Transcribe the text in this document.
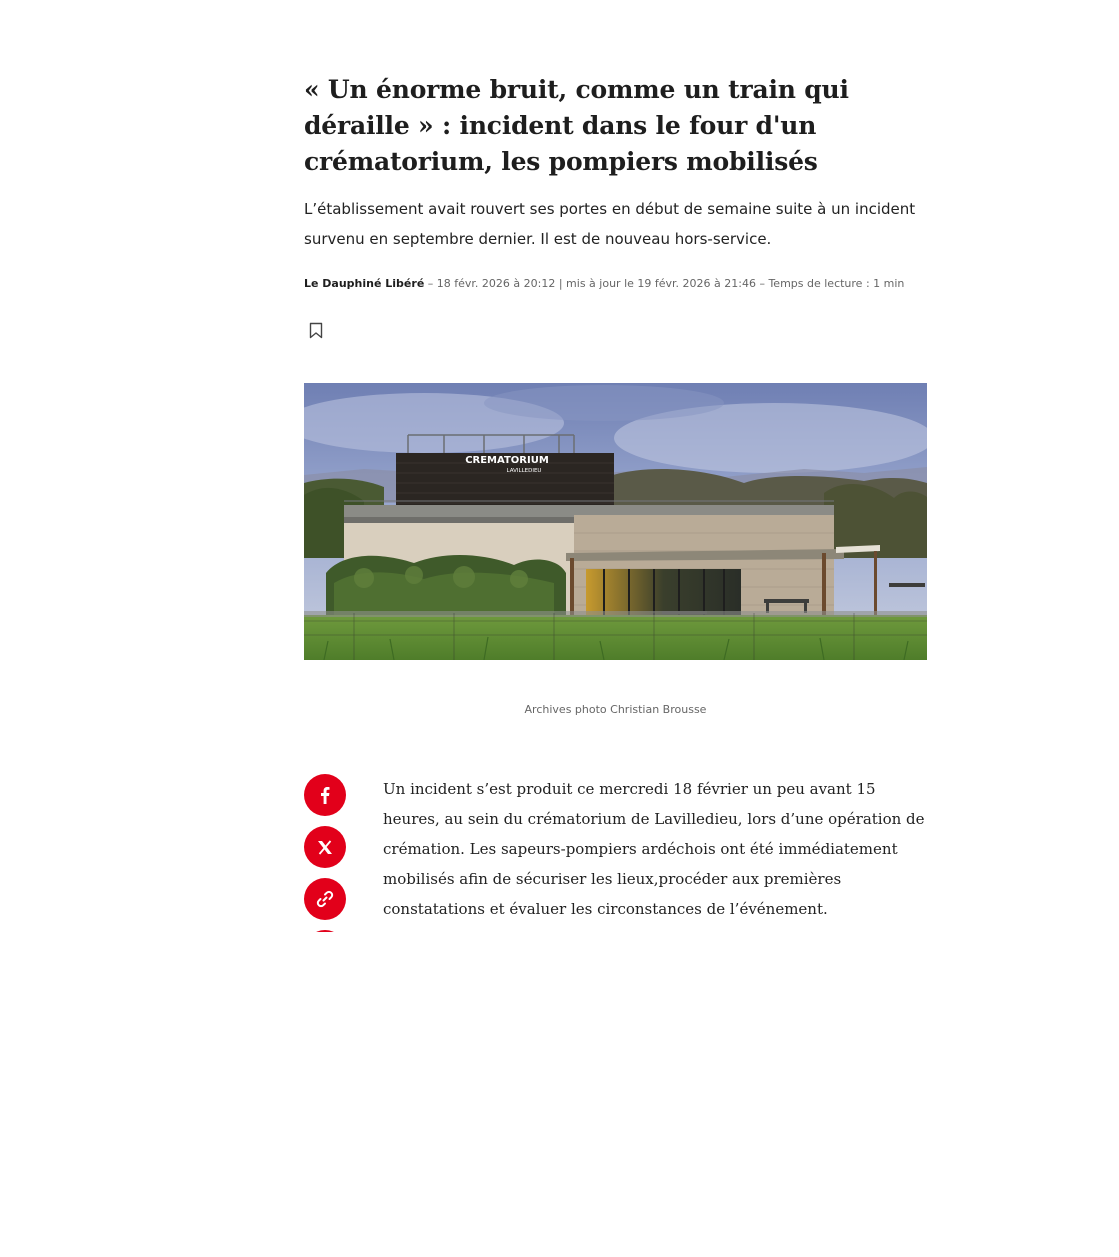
« Un énorme bruit, comme un train qui déraille » : incident dans le four d'un crématorium, les pompiers mobilisés

L’établissement avait rouvert ses portes en début de semaine suite à un incident survenu en septembre dernier. Il est de nouveau hors-service.

Le Dauphiné Libéré – 18 févr. 2026 à 20:12 | mis à jour le 19 févr. 2026 à 21:46 – Temps de lecture : 1 min
CREMATORIUM
LAVILLEDIEU
Archives photo Christian Brousse

Un incident s’est produit ce mercredi 18 février un peu avant 15 heures, au sein du crématorium de Lavilledieu, lors d’une opération de crémation. Les sapeurs-pompiers ardéchois ont été immédiatement mobilisés afin de sécuriser les lieux,procéder aux premières constatations et évaluer les circonstances de l’événement.
